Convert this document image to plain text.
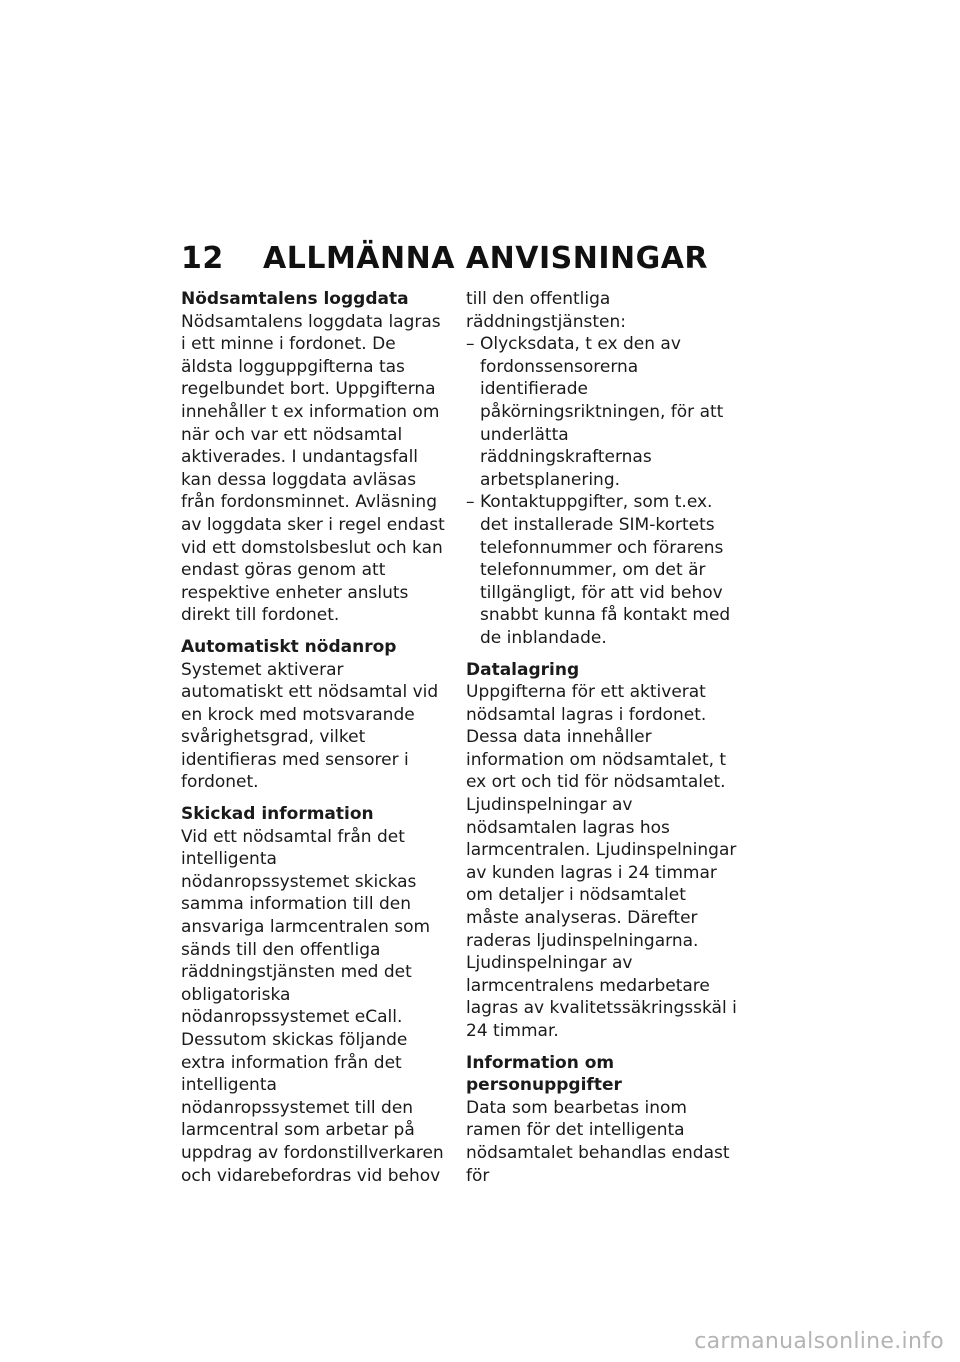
12	ALLMÄNNA ANVISNINGAR

Nödsamtalens loggdata

Nödsamtalens loggdata lagras i ett minne i fordonet. De äldsta logguppgifterna tas regelbundet bort. Uppgifterna innehåller t ex information om när och var ett nödsamtal aktiverades. I undantagsfall kan dessa loggdata avläsas från fordonsminnet. Avläsning av loggdata sker i regel endast vid ett domstolsbeslut och kan endast göras genom att respektive enheter ansluts direkt till fordonet.

Automatiskt nödanrop

Systemet aktiverar automatiskt ett nödsamtal vid en krock med motsvarande svårighetsgrad, vilket identifieras med sensorer i fordonet.

Skickad information

Vid ett nödsamtal från det intelligenta nödanropssystemet skickas samma information till den ansvariga larmcentralen som sänds till den offentliga räddningstjänsten med det obligatoriska nödanropssystemet eCall.

Dessutom skickas följande extra information från det intelligenta nödanropssystemet till den larmcentral som arbetar på uppdrag av fordonstillverkaren och vidarebefordras vid behov

till den offentliga räddningstjänsten:

– Olycksdata, t ex den av fordonssensorerna identifierade påkörningsriktningen, för att underlätta räddningskrafternas arbetsplanering.
– Kontaktuppgifter, som t.ex. det installerade SIM-kortets telefonnummer och förarens telefonnummer, om det är tillgängligt, för att vid behov snabbt kunna få kontakt med de inblandade.

Datalagring

Uppgifterna för ett aktiverat nödsamtal lagras i fordonet. Dessa data innehåller information om nödsamtalet, t ex ort och tid för nödsamtalet.

Ljudinspelningar av nödsamtalen lagras hos larmcentralen. Ljudinspelningar av kunden lagras i 24 timmar om detaljer i nödsamtalet måste analyseras. Därefter raderas ljudinspelningarna. Ljudinspelningar av larmcentralens medarbetare lagras av kvalitetssäkringsskäl i 24 timmar.

Information om personuppgifter

Data som bearbetas inom ramen för det intelligenta nödsamtalet behandlas endast för

carmanualsonline.info
